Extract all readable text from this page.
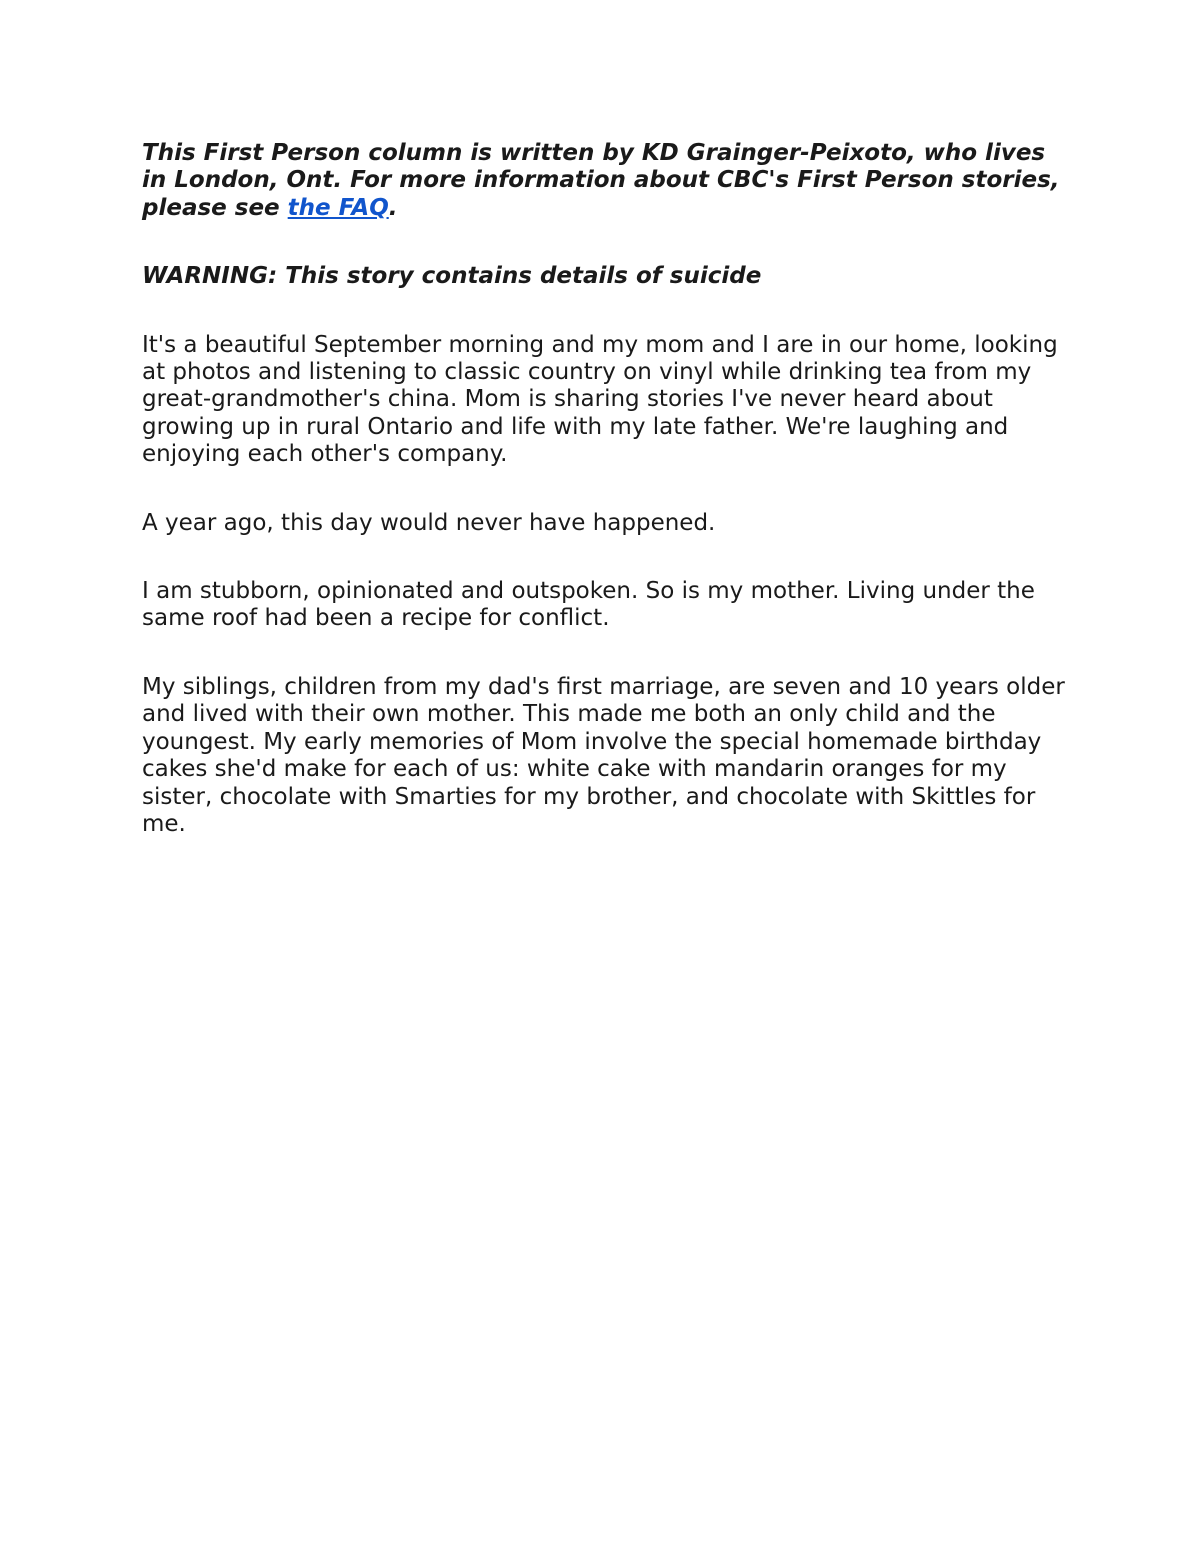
This First Person column is written by KD Grainger-Peixoto, who lives in London, Ont. For more information about CBC's First Person stories, please see the FAQ.

WARNING: This story contains details of suicide

It's a beautiful September morning and my mom and I are in our home, looking at photos and listening to classic country on vinyl while drinking tea from my great-grandmother's china. Mom is sharing stories I've never heard about growing up in rural Ontario and life with my late father. We're laughing and enjoying each other's company.

A year ago, this day would never have happened.

I am stubborn, opinionated and outspoken. So is my mother. Living under the same roof had been a recipe for conflict.

My siblings, children from my dad's first marriage, are seven and 10 years older and lived with their own mother. This made me both an only child and the youngest. My early memories of Mom involve the special homemade birthday cakes she'd make for each of us: white cake with mandarin oranges for my sister, chocolate with Smarties for my brother, and chocolate with Skittles for me.
